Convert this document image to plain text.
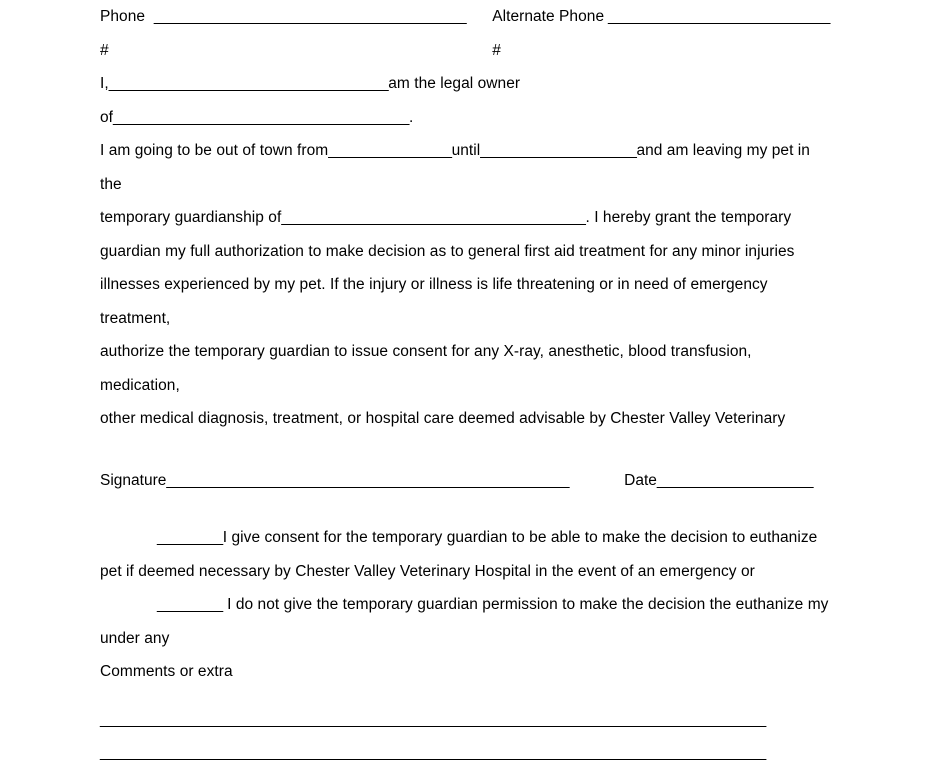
Phone #
______________________________________ Alternate Phone #
___________________________
I,__________________________________am the legal owner of____________________________________.
I am going to be out of town from_______________until___________________and am leaving my pet in the
temporary guardianship of_____________________________________. I hereby grant the temporary
guardian my full authorization to make decision as to general first aid treatment for any minor injuries
illnesses experienced by my pet. If the injury or illness is life threatening or in need of emergency treatment,
authorize the temporary guardian to issue consent for any X-ray, anesthetic, blood transfusion, medication,
other medical diagnosis, treatment, or hospital care deemed advisable by Chester Valley Veterinary
Signature _________________________________________________	Date ___________________
________I give consent for the temporary guardian to be able to make the decision to euthanize
pet if deemed necessary by Chester Valley Veterinary Hospital in the event of an emergency or
________ I do not give the temporary guardian permission to make the decision the euthanize my
under any
Comments or extra
_________________________________________________________________________________
_________________________________________________________________________________
